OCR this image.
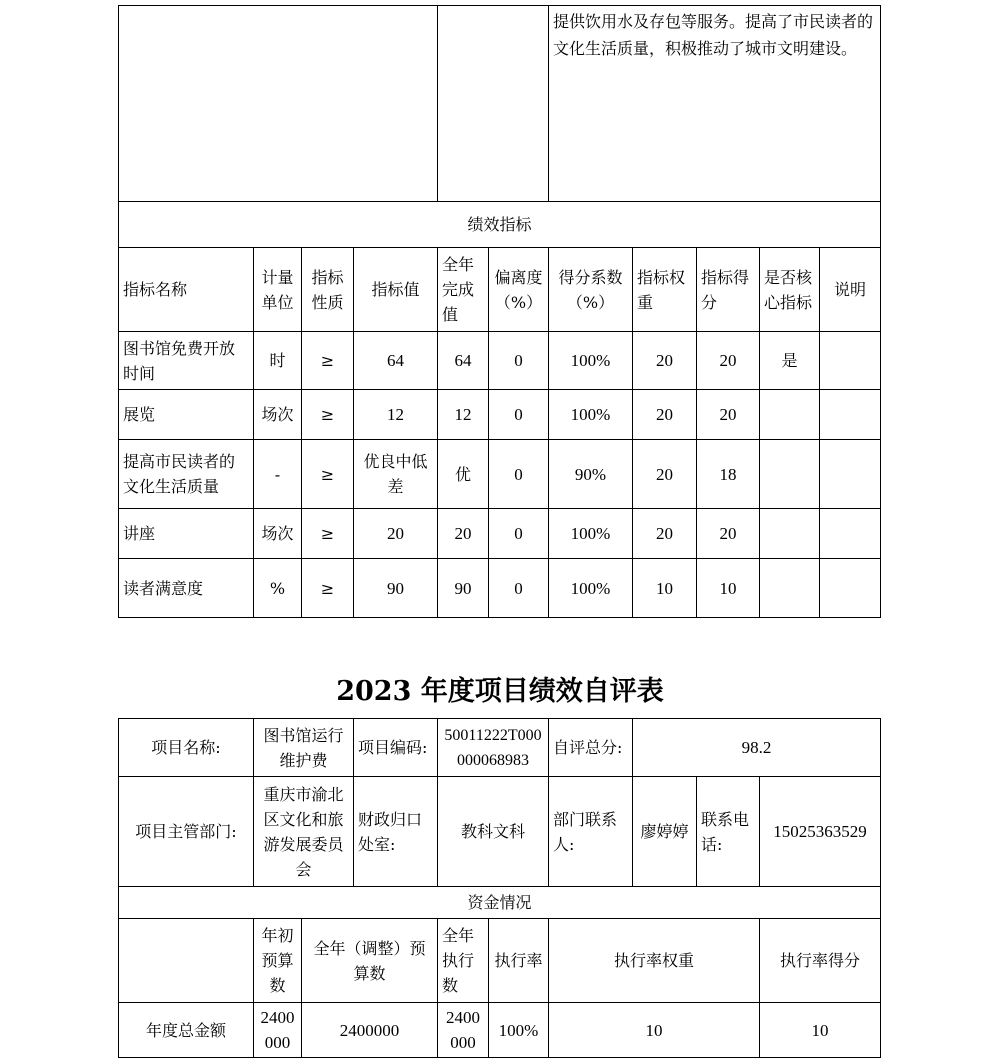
						提供饮用水及存包等服务。提高了市民读者的文化生活质量，积极推动了城市文明建设。				
绩效指标										
指标名称	计量单位	指标性质	指标值	全年完成值	偏离度（%）	得分系数（%）	指标权重	指标得分	是否核心指标	说明
图书馆免费开放时间	时	≥	64	64	0	100%	20	20	是	
展览	场次	≥	12	12	0	100%	20	20		
提高市民读者的文化生活质量	-	≥	优良中低差	优	0	90%	20	18		
讲座	场次	≥	20	20	0	100%	20	20		
读者满意度	%	≥	90	90	0	100%	10	10		
2023 年度项目绩效自评表
项目名称:	图书馆运行维护费		项目编码:	50011222T000000068983		自评总分:	98.2		
项目主管部门:	重庆市渝北区文化和旅游发展委员会		财政归口处室:	教科文科		部门联系人:	廖婷婷	联系电话:	15025363529
资金情况									
	年初预算数	全年（调整）预算数		全年执行数	执行率	执行率权重			执行率得分
年度总金额	2400000	2400000		2400000	100%	10			10
